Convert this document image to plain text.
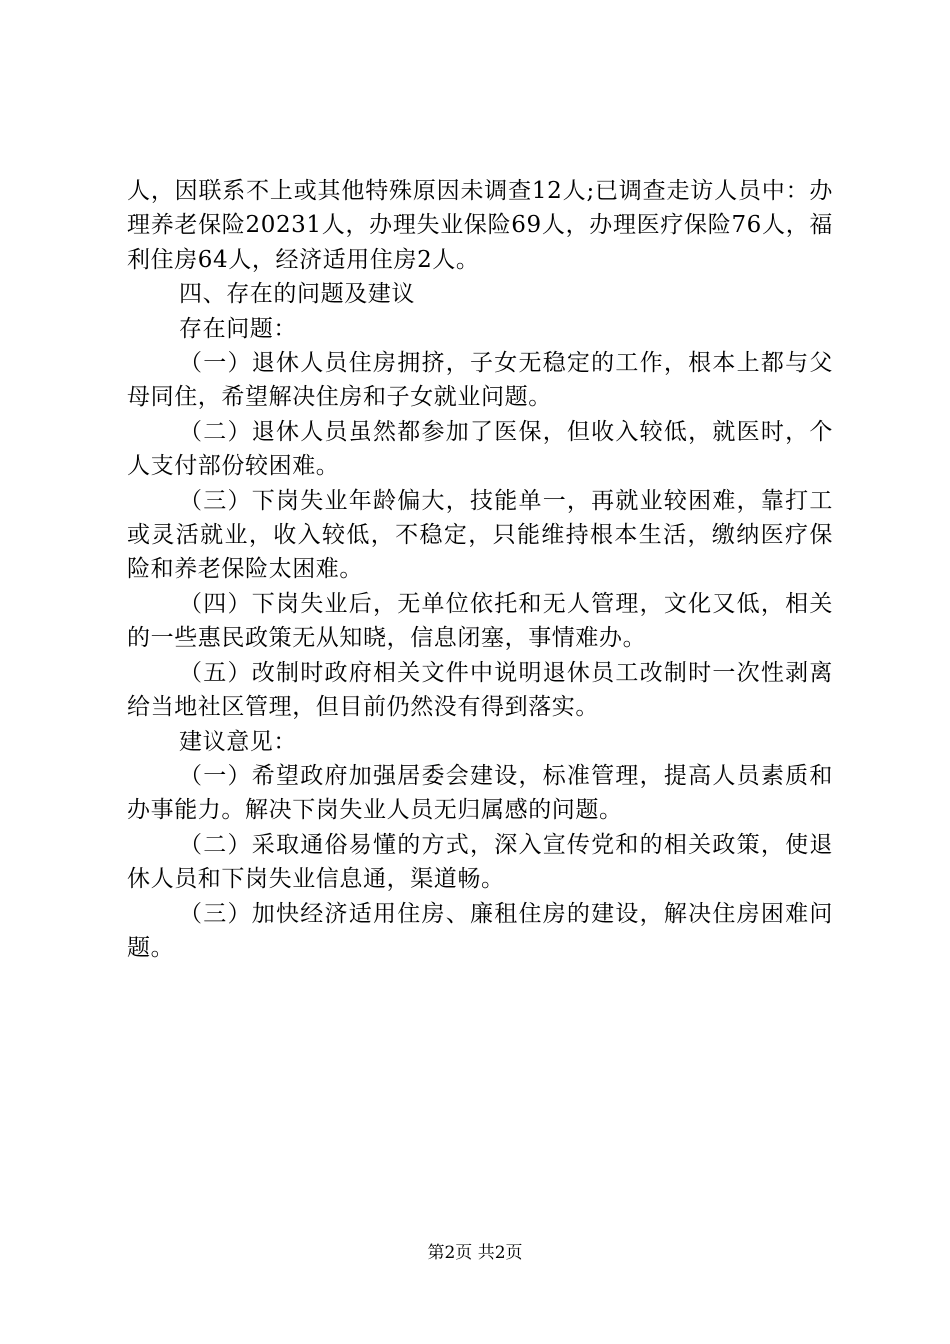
人，因联系不上或其他特殊原因未调查12人;已调查走访人员中：办理养老保险20231人，办理失业保险69人，办理医疗保险76人，福利住房64人，经济适用住房2人。

四、存在的问题及建议

存在问题：

（一）退休人员住房拥挤，子女无稳定的工作，根本上都与父母同住，希望解决住房和子女就业问题。

（二）退休人员虽然都参加了医保，但收入较低，就医时，个人支付部份较困难。

（三）下岗失业年龄偏大，技能单一，再就业较困难，靠打工或灵活就业，收入较低，不稳定，只能维持根本生活，缴纳医疗保险和养老保险太困难。

（四）下岗失业后，无单位依托和无人管理，文化又低，相关的一些惠民政策无从知晓，信息闭塞，事情难办。

（五）改制时政府相关文件中说明退休员工改制时一次性剥离给当地社区管理，但目前仍然没有得到落实。

建议意见：

（一）希望政府加强居委会建设，标准管理，提高人员素质和办事能力。解决下岗失业人员无归属感的问题。

（二）采取通俗易懂的方式，深入宣传党和的相关政策，使退休人员和下岗失业信息通，渠道畅。

（三）加快经济适用住房、廉租住房的建设，解决住房困难问题。

第2页 共2页
